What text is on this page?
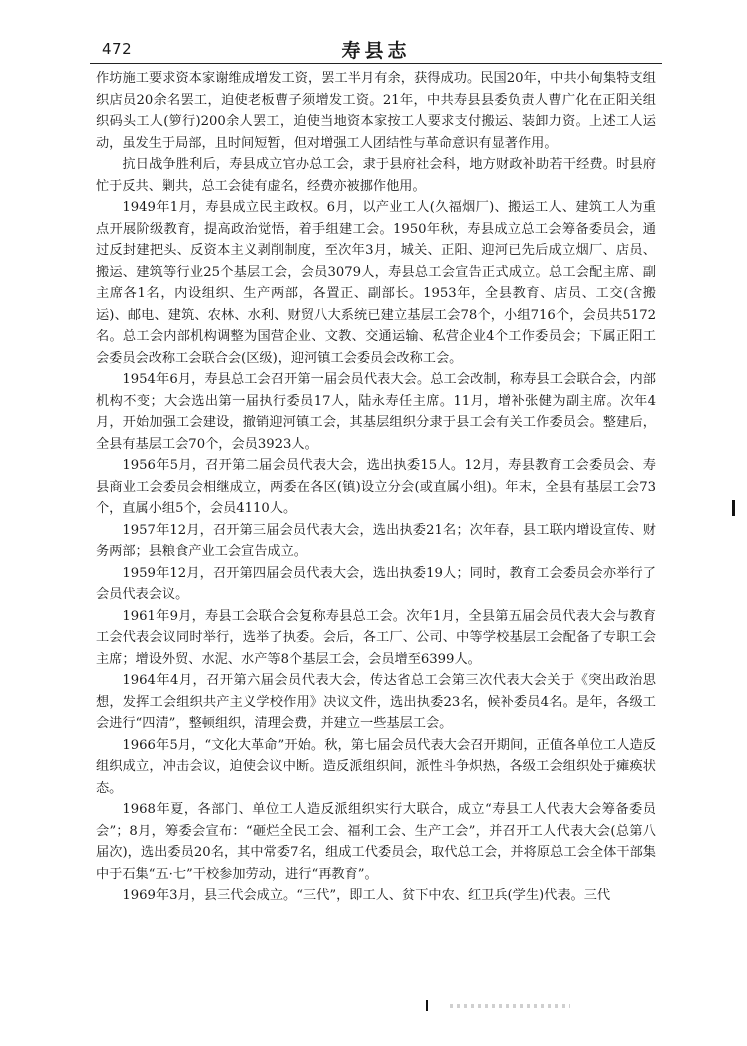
472	寿县志

作坊施工要求资本家谢维成增发工资，罢工半月有余，获得成功。民国20年，中共小甸集特支组织店员20余名罢工，迫使老板曹子须增发工资。21年，中共寿县县委负责人曹广化在正阳关组织码头工人(箩行)200余人罢工，迫使当地资本家按工人要求支付搬运、装卸力资。上述工人运动，虽发生于局部，且时间短暂，但对增强工人团结性与革命意识有显著作用。

抗日战争胜利后，寿县成立官办总工会，隶于县府社会科，地方财政补助若干经费。时县府忙于反共、剿共，总工会徒有虚名，经费亦被挪作他用。

1949年1月，寿县成立民主政权。6月，以产业工人(久福烟厂)、搬运工人、建筑工人为重点开展阶级教育，提高政治觉悟，着手组建工会。1950年秋，寿县成立总工会筹备委员会，通过反封建把头、反资本主义剥削制度，至次年3月，城关、正阳、迎河已先后成立烟厂、店员、搬运、建筑等行业25个基层工会，会员3079人，寿县总工会宣告正式成立。总工会配主席、副主席各1名，内设组织、生产两部，各置正、副部长。1953年，全县教育、店员、工交(含搬运)、邮电、建筑、农林、水利、财贸八大系统已建立基层工会78个，小组716个，会员共5172名。总工会内部机构调整为国营企业、文教、交通运输、私营企业4个工作委员会；下属正阳工会委员会改称工会联合会(区级)，迎河镇工会委员会改称工会。

1954年6月，寿县总工会召开第一届会员代表大会。总工会改制，称寿县工会联合会，内部机构不变；大会选出第一届执行委员17人，陆永寿任主席。11月，增补张健为副主席。次年4月，开始加强工会建设，撤销迎河镇工会，其基层组织分隶于县工会有关工作委员会。整建后，全县有基层工会70个，会员3923人。

1956年5月，召开第二届会员代表大会，选出执委15人。12月，寿县教育工会委员会、寿县商业工会委员会相继成立，两委在各区(镇)设立分会(或直属小组)。年末，全县有基层工会73个，直属小组5个，会员4110人。

1957年12月，召开第三届会员代表大会，选出执委21名；次年春，县工联内增设宣传、财务两部；县粮食产业工会宣告成立。

1959年12月，召开第四届会员代表大会，选出执委19人；同时，教育工会委员会亦举行了会员代表会议。

1961年9月，寿县工会联合会复称寿县总工会。次年1月，全县第五届会员代表大会与教育工会代表会议同时举行，选举了执委。会后，各工厂、公司、中等学校基层工会配备了专职工会主席；增设外贸、水泥、水产等8个基层工会，会员增至6399人。

1964年4月，召开第六届会员代表大会，传达省总工会第三次代表大会关于《突出政治思想，发挥工会组织共产主义学校作用》决议文件，选出执委23名，候补委员4名。是年，各级工会进行“四清”，整顿组织，清理会费，并建立一些基层工会。

1966年5月，“文化大革命”开始。秋，第七届会员代表大会召开期间，正值各单位工人造反组织成立，冲击会议，迫使会议中断。造反派组织间，派性斗争炽热，各级工会组织处于瘫痪状态。

1968年夏，各部门、单位工人造反派组织实行大联合，成立“寿县工人代表大会筹备委员会”；8月，筹委会宣布：“砸烂全民工会、福利工会、生产工会”，并召开工人代表大会(总第八届次)，选出委员20名，其中常委7名，组成工代委员会，取代总工会，并将原总工会全体干部集中于石集“五·七”干校参加劳动，进行“再教育”。

1969年3月，县三代会成立。“三代”，即工人、贫下中农、红卫兵(学生)代表。三代
